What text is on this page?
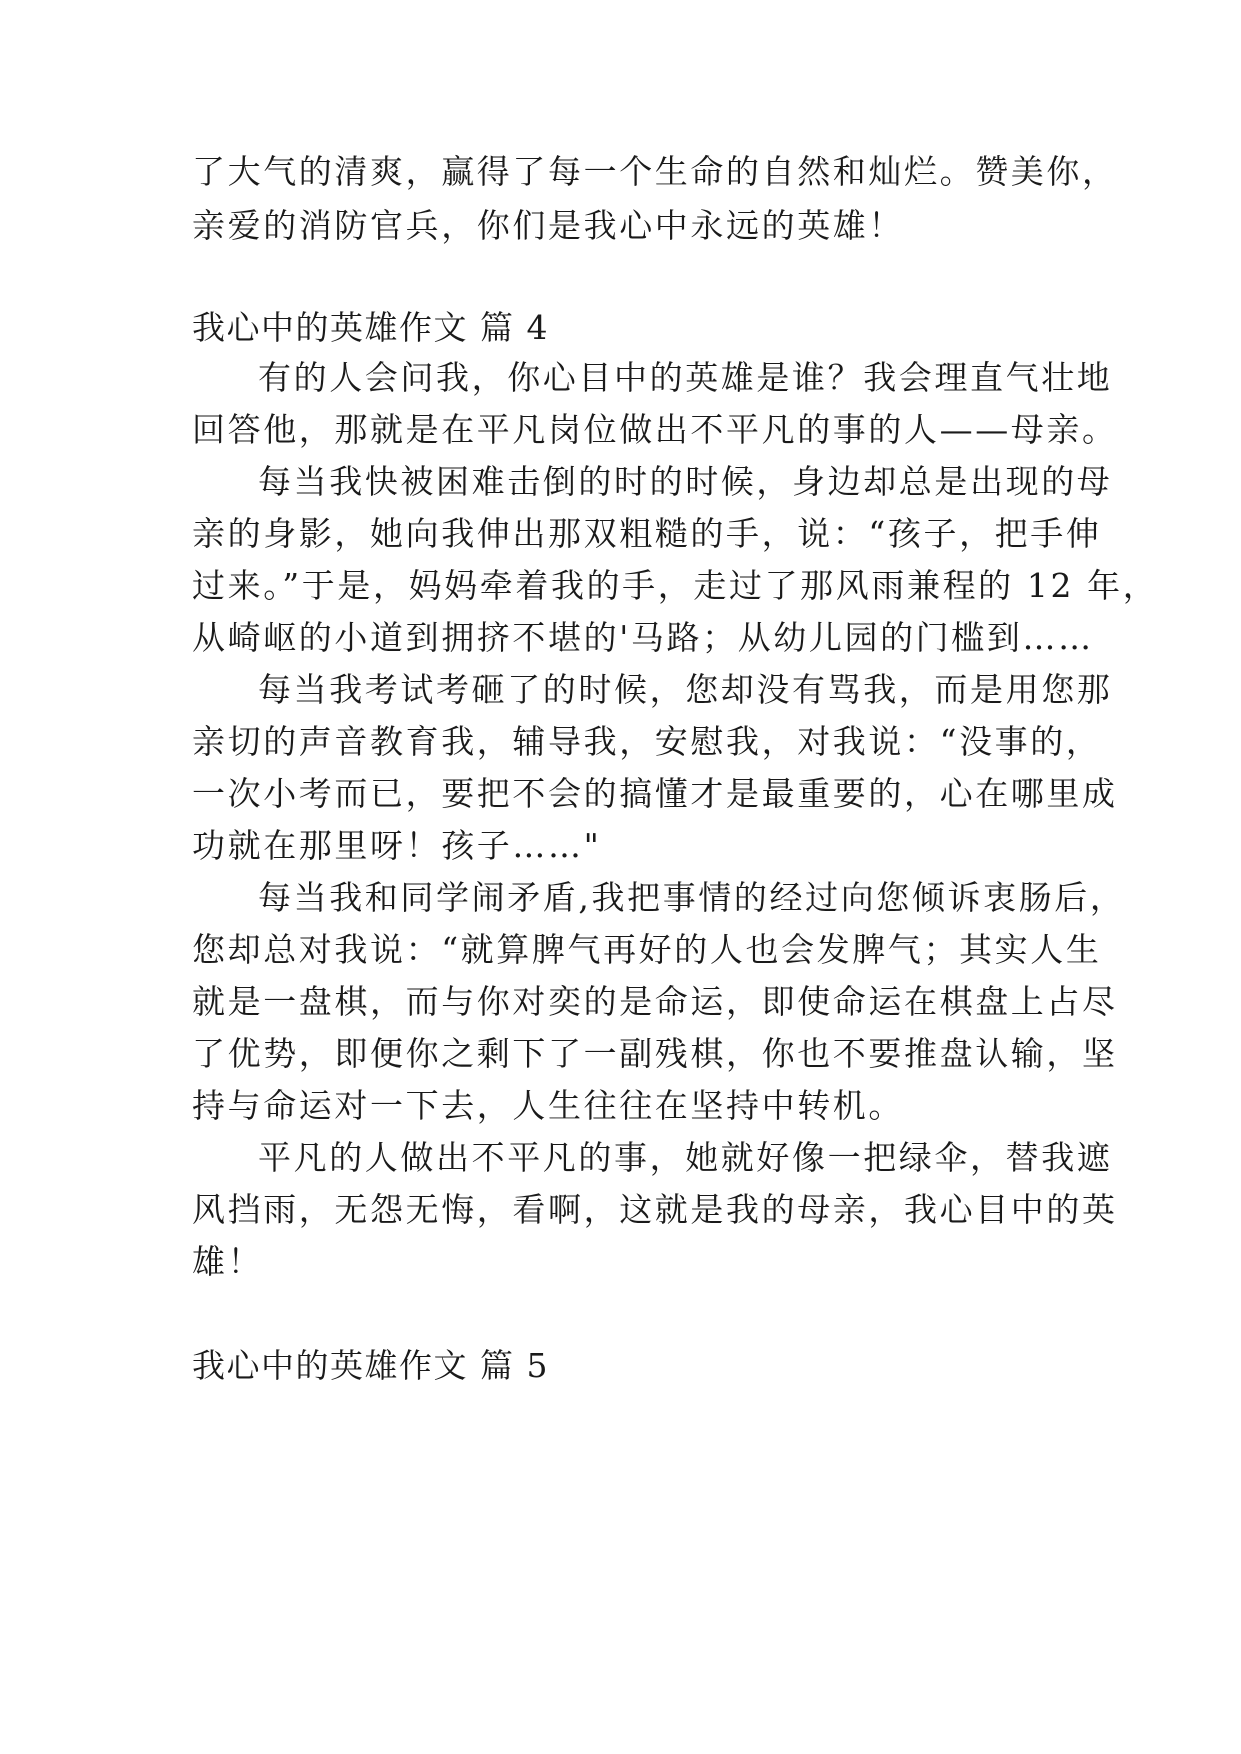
了大气的清爽，赢得了每一个生命的自然和灿烂。赞美你，
亲爱的消防官兵，你们是我心中永远的英雄！
我心中的英雄作文 篇 4
有的人会问我，你心目中的英雄是谁？我会理直气壮地
回答他，那就是在平凡岗位做出不平凡的事的人——母亲。
每当我快被困难击倒的时的时候，身边却总是出现的母
亲的身影，她向我伸出那双粗糙的手，说：“孩子，把手伸
过来。”于是，妈妈牵着我的手，走过了那风雨兼程的 12 年，
从崎岖的小道到拥挤不堪的'马路；从幼儿园的门槛到……
每当我考试考砸了的时候，您却没有骂我，而是用您那
亲切的声音教育我，辅导我，安慰我，对我说：“没事的，
一次小考而已，要把不会的搞懂才是最重要的，心在哪里成
功就在那里呀！孩子……"
每当我和同学闹矛盾,我把事情的经过向您倾诉衷肠后，
您却总对我说：“就算脾气再好的人也会发脾气；其实人生
就是一盘棋，而与你对奕的是命运，即使命运在棋盘上占尽
了优势，即便你之剩下了一副残棋，你也不要推盘认输，坚
持与命运对一下去，人生往往在坚持中转机。
平凡的人做出不平凡的事，她就好像一把绿伞，替我遮
风挡雨，无怨无悔，看啊，这就是我的母亲，我心目中的英
雄！
我心中的英雄作文 篇 5
